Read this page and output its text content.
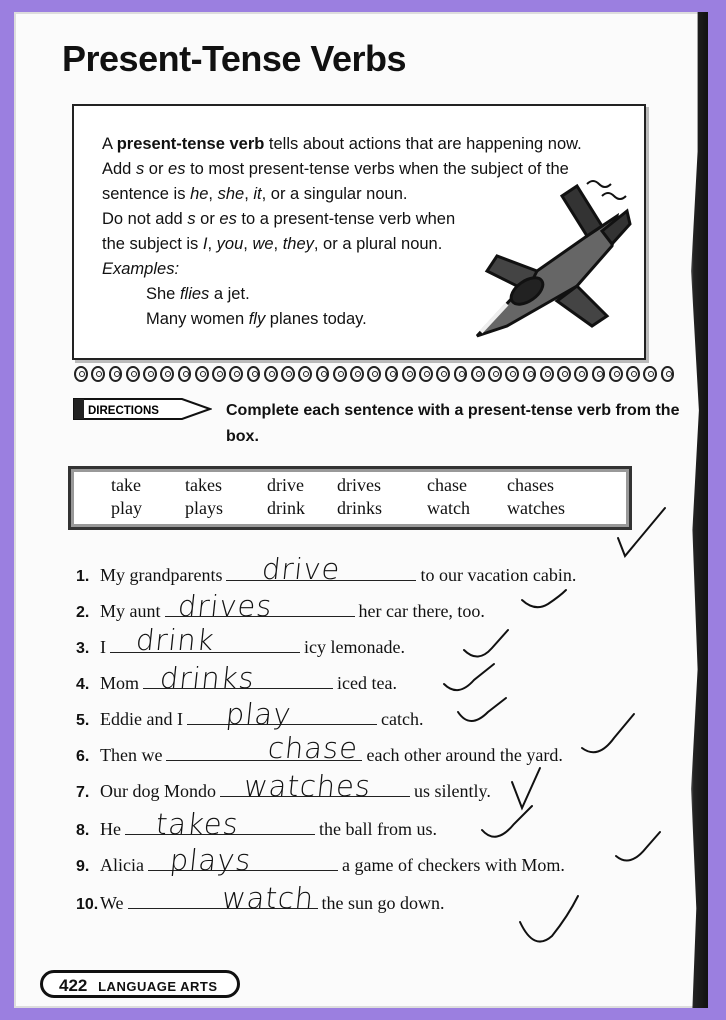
Present-Tense Verbs
A present-tense verb tells about actions that are happening now.
Add s or es to most present-tense verbs when the subject of the
sentence is he, she, it, or a singular noun.
Do not add s or es to a present-tense verb when
the subject is I, you, we, they, or a plural noun.
Examples:

She flies a jet.
Many women fly planes today.
DIRECTIONS	Complete each sentence with a present-tense verb from the box.
take	takes	drive	drives	chase	chases
play	plays	drink	drinks	watch	watches
1. My grandparents	to our vacation cabin.
drive
2. My aunt	her car there, too.
drives
3. I	icy lemonade.
drink
4. Mom	iced tea.
drinks
5. Eddie and I	catch.
play
6. Then we	each other around the yard.
chase
7. Our dog Mondo	us silently.
watches
8. He	the ball from us.
takes
9. Alicia	a game of checkers with Mom.
plays
10.We	the sun go down.
watch
422 LANGUAGE ARTS
